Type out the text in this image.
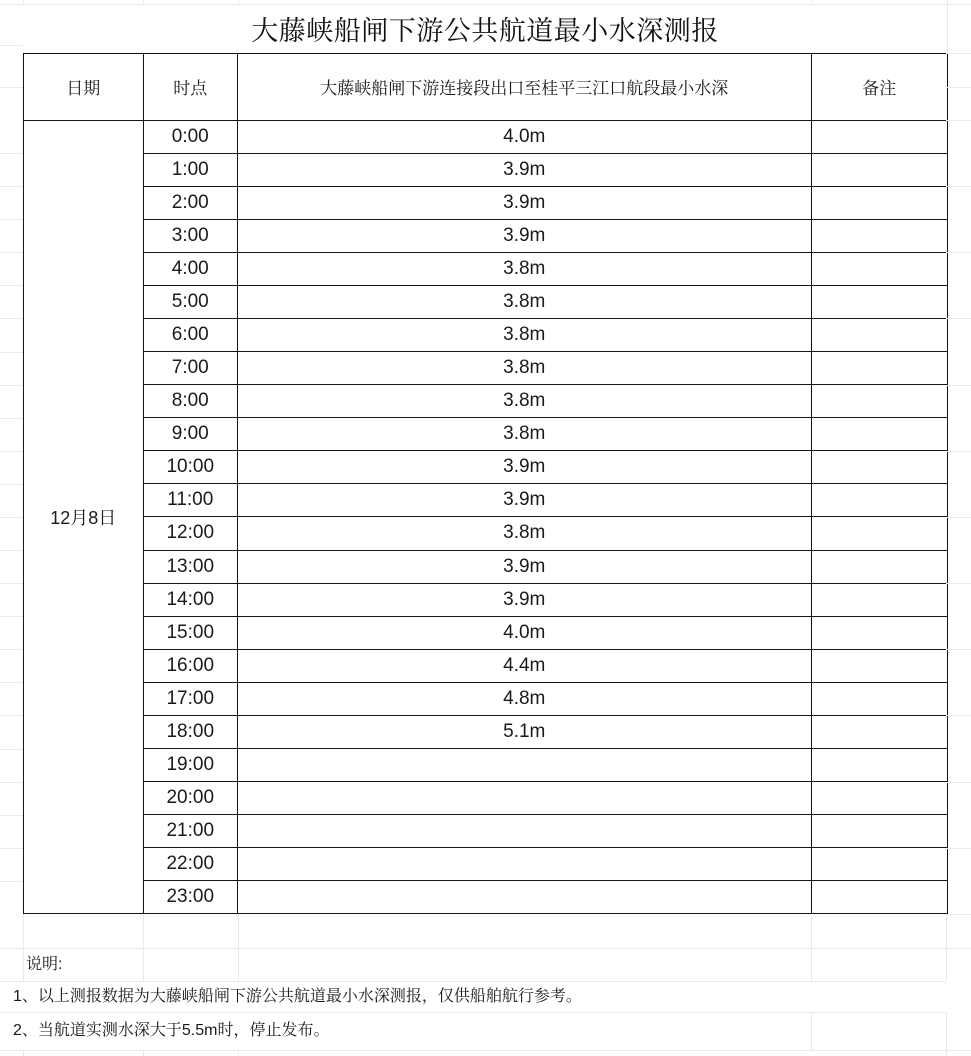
大藤峡船闸下游公共航道最小水深测报
日期	时点	大藤峡船闸下游连接段出口至桂平三江口航段最小水深	备注
12月8日
0:00	4.0m
1:00	3.9m
2:00	3.9m
3:00	3.9m
4:00	3.8m
5:00	3.8m
6:00	3.8m
7:00	3.8m
8:00	3.8m
9:00	3.8m
10:00	3.9m
11:00	3.9m
12:00	3.8m
13:00	3.9m
14:00	3.9m
15:00	4.0m
16:00	4.4m
17:00	4.8m
18:00	5.1m
19:00
20:00
21:00
22:00
23:00
说明:
1、以上测报数据为大藤峡船闸下游公共航道最小水深测报，仅供船舶航行参考。
2、当航道实测水深大于5.5m时，停止发布。
